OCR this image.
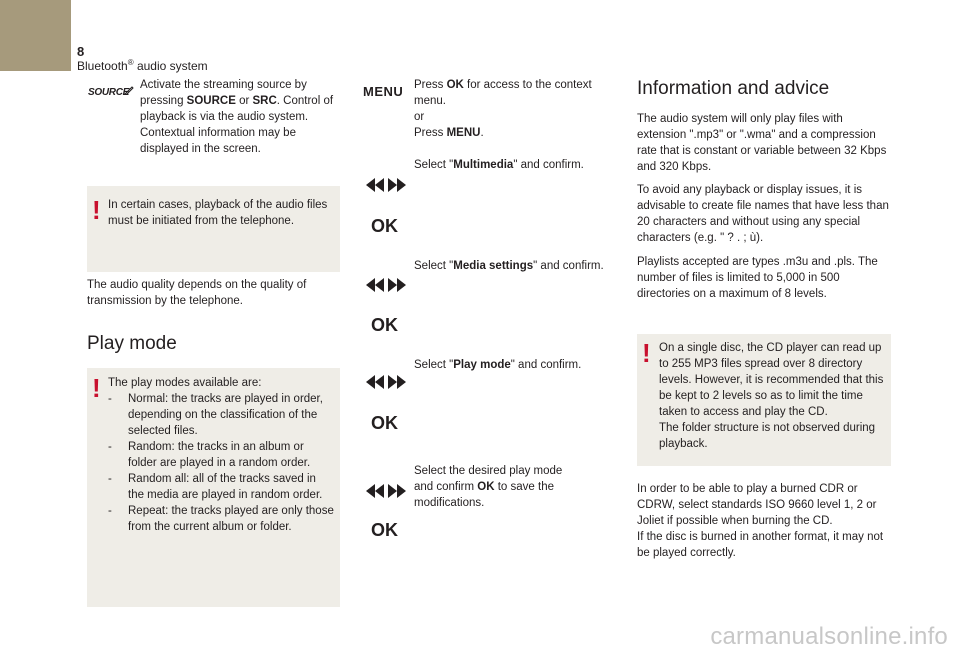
8
Bluetooth® audio system
SOURCE
Activate the streaming source by pressing SOURCE or SRC. Control of playback is via the audio system. Contextual information may be displayed in the screen.
! In certain cases, playback of the audio files must be initiated from the telephone.
The audio quality depends on the quality of transmission by the telephone.
Play mode
! The play modes available are:
- Normal: the tracks are played in order, depending on the classification of the selected files.
- Random: the tracks in an album or folder are played in a random order.
- Random all: all of the tracks saved in the media are played in random order.
- Repeat: the tracks played are only those from the current album or folder.
MENU Press OK for access to the context menu.
or
Press MENU.
Select "Multimedia" and confirm.
OK
Select "Media settings" and confirm.
OK
Select "Play mode" and confirm.
OK
Select the desired play mode and confirm OK to save the modifications.
OK
Information and advice
The audio system will only play files with extension ".mp3" or ".wma" and a compression rate that is constant or variable between 32 Kbps and 320 Kbps.
To avoid any playback or display issues, it is advisable to create file names that have less than 20 characters and without using any special characters (e.g. " ? . ; ù).
Playlists accepted are types .m3u and .pls. The number of files is limited to 5,000 in 500 directories on a maximum of 8 levels.
! On a single disc, the CD player can read up to 255 MP3 files spread over 8 directory levels. However, it is recommended that this be kept to 2 levels so as to limit the time taken to access and play the CD.
The folder structure is not observed during playback.
In order to be able to play a burned CDR or CDRW, select standards ISO 9660 level 1, 2 or Joliet if possible when burning the CD.
If the disc is burned in another format, it may not be played correctly.
carmanualsonline.info
